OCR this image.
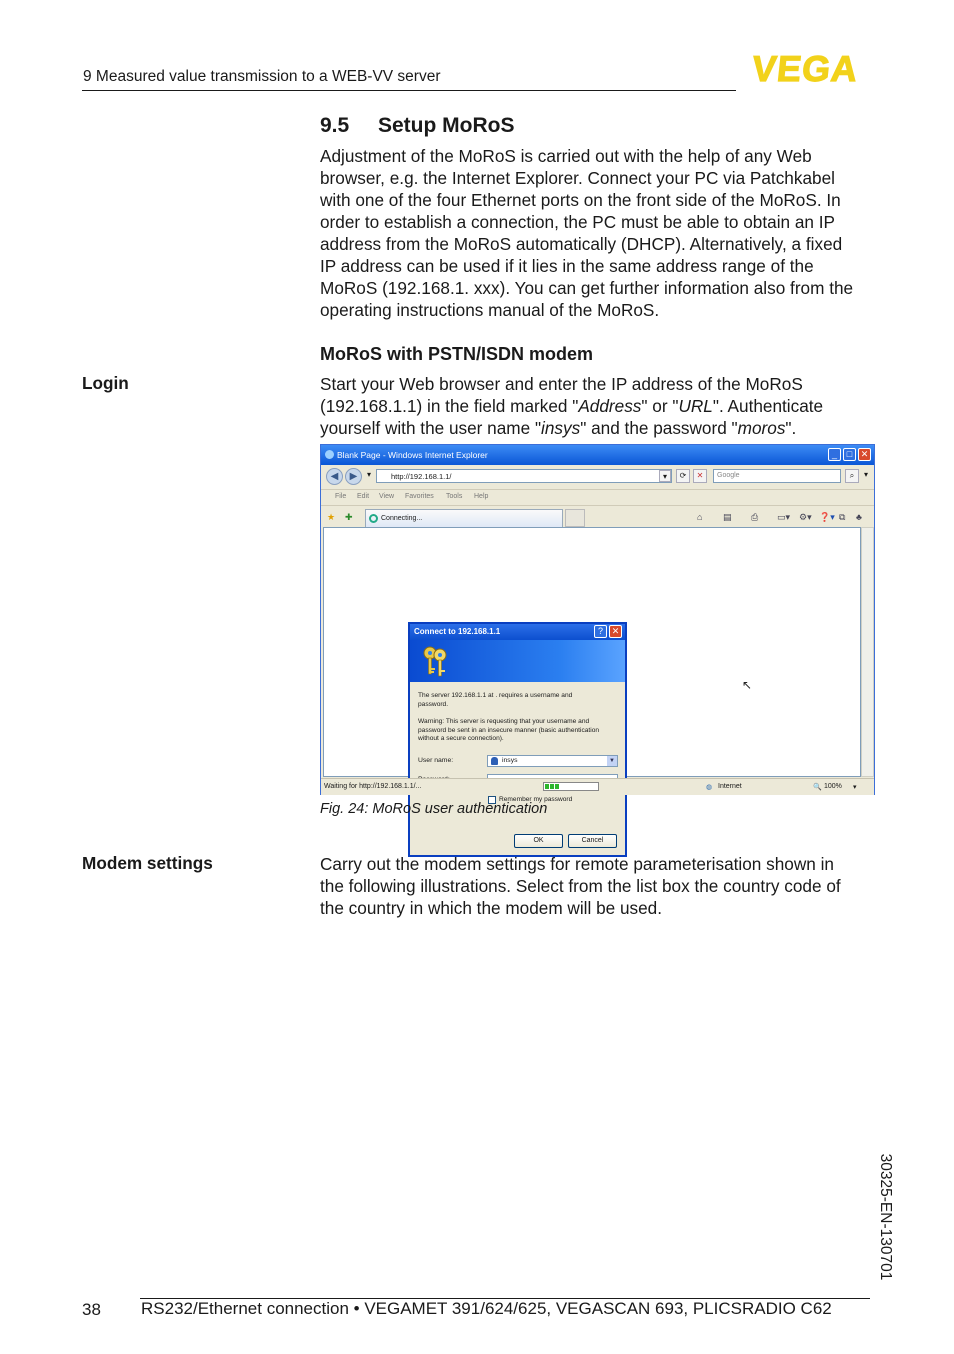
9 Measured value transmission to a WEB-VV server	VEGA
9.5 Setup MoRoS
Adjustment of the MoRoS is carried out with the help of any Web
browser, e.g. the Internet Explorer. Connect your PC via Patchkabel
with one of the four Ethernet ports on the front side of the MoRoS. In
order to establish a connection, the PC must be able to obtain an IP
address from the MoRoS automatically (DHCP). Alternatively, a fixed
IP address can be used if it lies in the same address range of the
MoRoS (192.168.1. xxx). You can get further information also from the
operating instructions manual of the MoRoS.
MoRoS with PSTN/ISDN modem
Login	Start your Web browser and enter the IP address of the MoRoS
(192.168.1.1) in the field marked "Address" or "URL". Authenticate
yourself with the user name "insys" and the password "moros".
Blank Page - Windows Internet Explorer	_	□ ✕
◀	▶	▾	http://192.168.1.1/	▾	⟳	✕	Google	⌕	▾
File Edit View Favorites Tools Help
★ ✚	Connecting...	⌂ ▤ ⎙ ▭▾ ⚙▾ ❓▾ ⧉ ♣
↖
Connect to 192.168.1.1	? ✕

The server 192.168.1.1 at . requires a username and
password.

Warning: This server is requesting that your username and
password be sent in an insecure manner (basic authentication
without a secure connection).

User name:	insys	▼
Remember my password
OK	Cancel
Waiting for http://192.168.1.1/...	◍ Internet	🔍 100% ▾
Fig. 24: MoRoS user authentication
Modem settings	Carry out the modem settings for remote parameterisation shown in
the following illustrations. Select from the list box the country code of
the country in which the modem will be used.
30325-EN-130701
38 RS232/Ethernet connection • VEGAMET 391/624/625, VEGASCAN 693, PLICSRADIO C62
